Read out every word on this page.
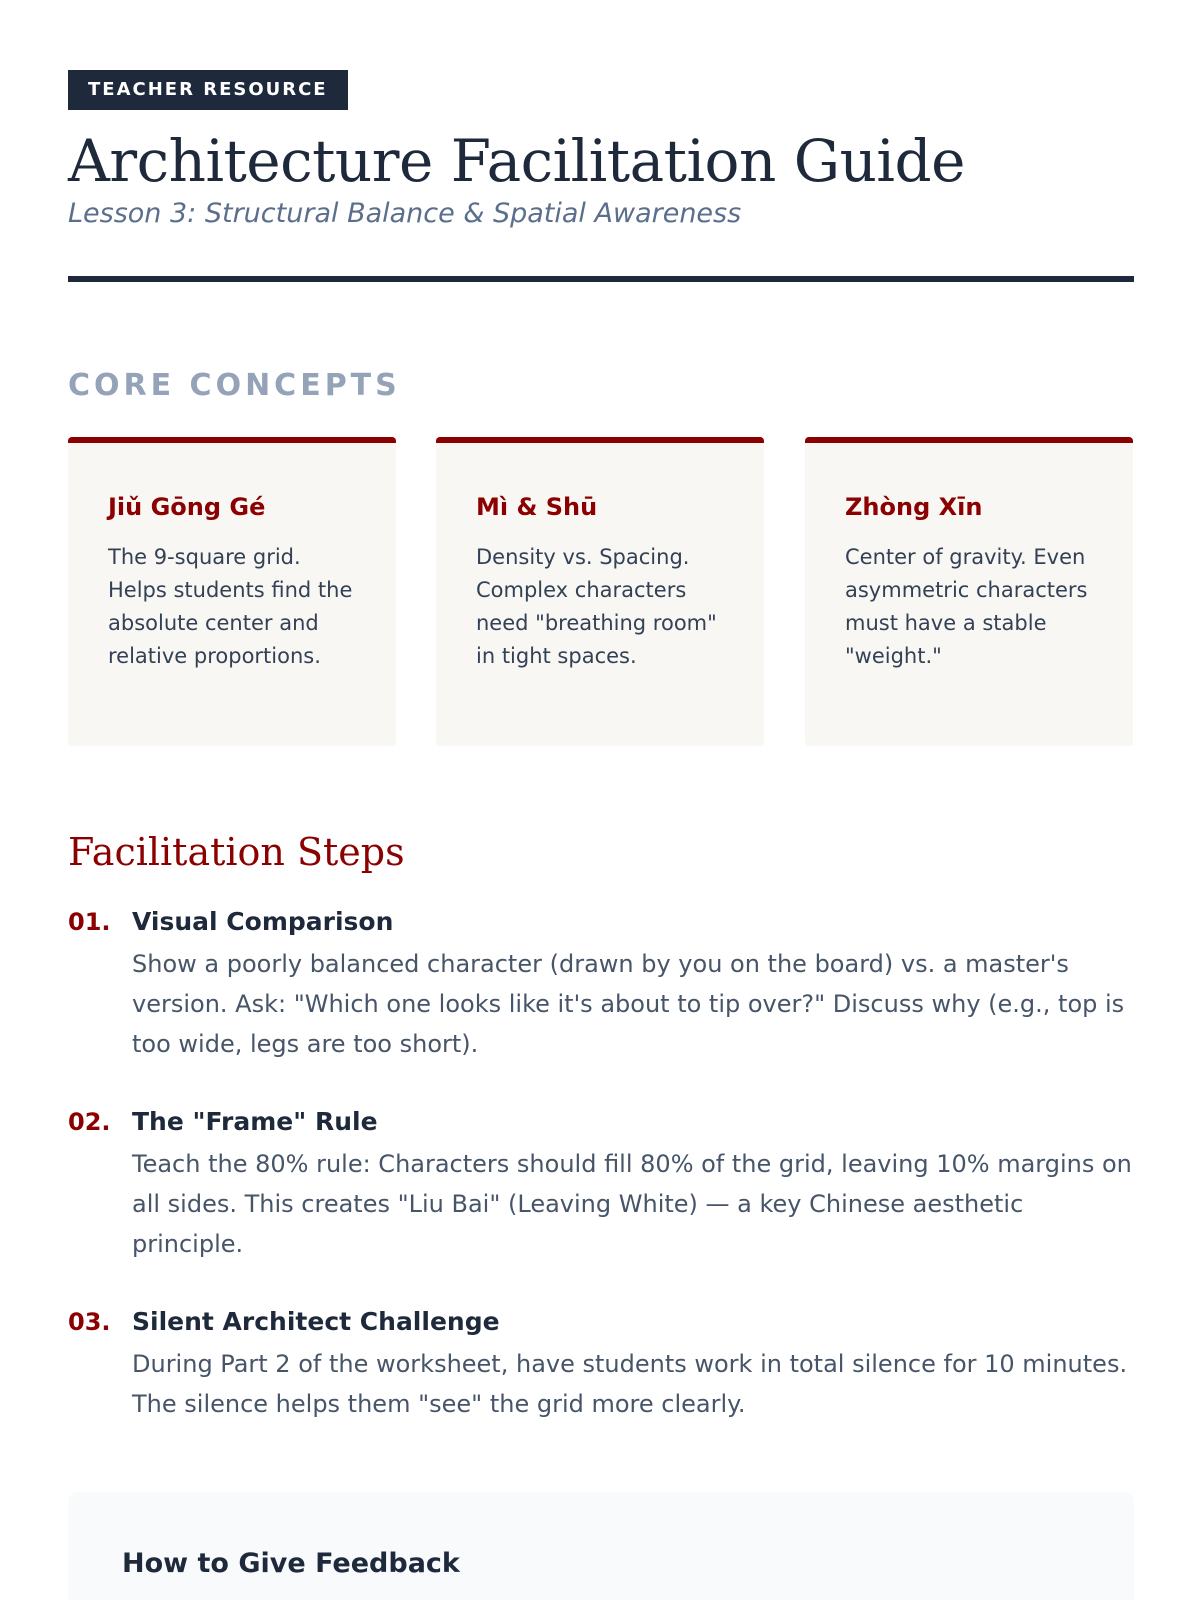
TEACHER RESOURCE
Architecture Facilitation Guide
Lesson 3: Structural Balance & Spatial Awareness
CORE CONCEPTS
Jiǔ Gōng Gé
The 9-square grid. Helps students find the absolute center and relative proportions.
Mì & Shū
Density vs. Spacing. Complex characters need "breathing room" in tight spaces.
Zhòng Xīn
Center of gravity. Even asymmetric characters must have a stable "weight."
Facilitation Steps
01. Visual Comparison
Show a poorly balanced character (drawn by you on the board) vs. a master's version. Ask: "Which one looks like it's about to tip over?" Discuss why (e.g., top is too wide, legs are too short).
02. The "Frame" Rule
Teach the 80% rule: Characters should fill 80% of the grid, leaving 10% margins on all sides. This creates "Liu Bai" (Leaving White) — a key Chinese aesthetic principle.
03. Silent Architect Challenge
During Part 2 of the worksheet, have students work in total silence for 10 minutes. The silence helps them "see" the grid more clearly.
How to Give Feedback
